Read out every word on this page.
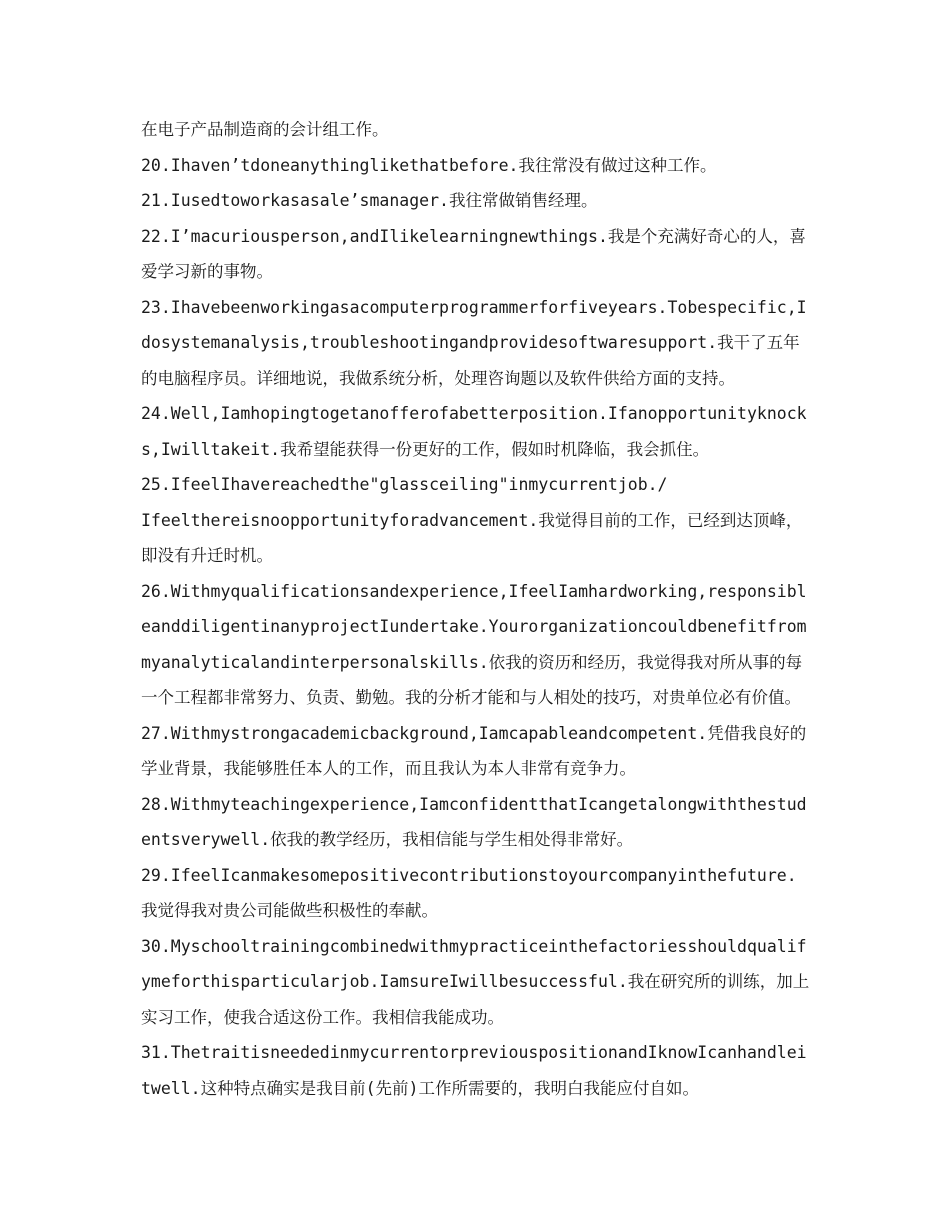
在电子产品制造商的会计组工作。

20.Ihaven’tdoneanythinglikethatbefore.我往常没有做过这种工作。

21.Iusedtoworkasasale’smanager.我往常做销售经理。

22.I’macuriousperson,andIlikelearningnewthings.我是个充满好奇心的人，喜爱学习新的事物。

23.Ihavebeenworkingasacomputerprogrammerforfiveyears.Tobespecific,Idosystemanalysis,troubleshootingandprovidesoftwaresupport.我干了五年的电脑程序员。详细地说，我做系统分析，处理咨询题以及软件供给方面的支持。

24.Well,Iamhopingtogetanofferofabetterposition.Ifanopportunityknocks,Iwilltakeit.我希望能获得一份更好的工作，假如时机降临，我会抓住。

25.IfeelIhavereachedthe"glassceiling"inmycurrentjob./

Ifeelthereisnoopportunityforadvancement.我觉得目前的工作，已经到达顶峰，即没有升迁时机。

26.Withmyqualificationsandexperience,IfeelIamhardworking,responsibleanddiligentinanyprojectIundertake.Yourorganizationcouldbenefitfrommyanalyticalandinterpersonalskills.依我的资历和经历，我觉得我对所从事的每一个工程都非常努力、负责、勤勉。我的分析才能和与人相处的技巧，对贵单位必有价值。

27.Withmystrongacademicbackground,Iamcapableandcompetent.凭借我良好的学业背景，我能够胜任本人的工作，而且我认为本人非常有竞争力。

28.Withmyteachingexperience,IamconfidentthatIcangetalongwiththestudentsverywell.依我的教学经历，我相信能与学生相处得非常好。

29.IfeelIcanmakesomepositivecontributionstoyourcompanyinthefuture.我觉得我对贵公司能做些积极性的奉献。

30.Myschooltrainingcombinedwithmypracticeinthefactoriesshouldqualifymeforthisparticularjob.IamsureIwillbesuccessful.我在研究所的训练，加上实习工作，使我合适这份工作。我相信我能成功。

31.ThetraitisneededinmycurrentorpreviouspositionandIknowIcanhandleitwell.这种特点确实是我目前(先前)工作所需要的，我明白我能应付自如。
